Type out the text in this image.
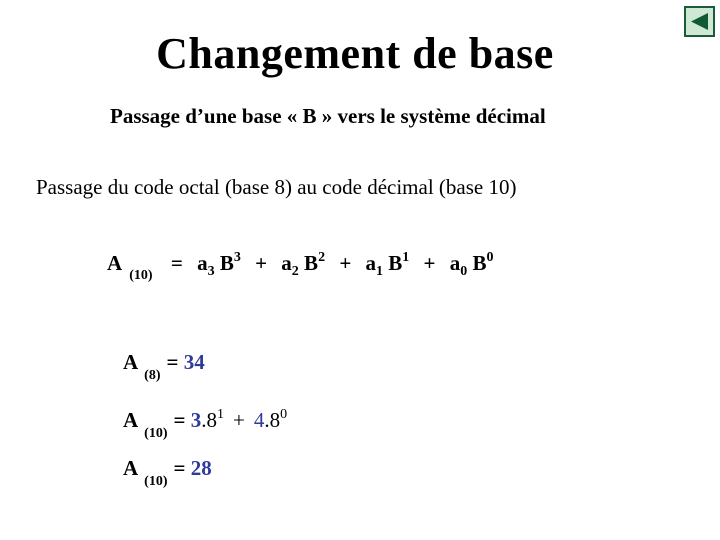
Changement de base
Passage d’une base « B » vers le système décimal
Passage du code octal (base 8) au code décimal (base 10)
A $_{(10)} = a_3$ $B^3 + a_2$ $B^2 + a_1$ $B^1 + a_0$ $B^0$
$A_{(8)}= 34$
$A_{(10)}= 3.8^1 + 4.8^0$
$A_{(10)}= 28$
